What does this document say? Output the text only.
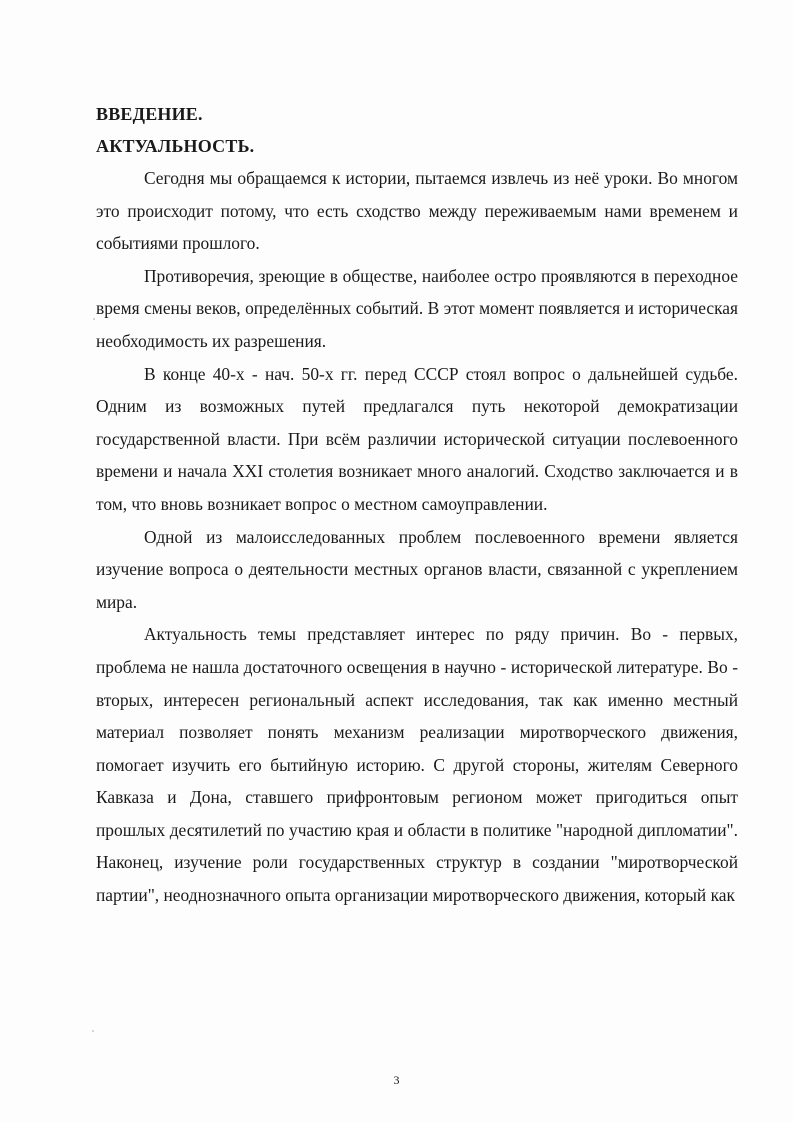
ВВЕДЕНИЕ.

АКТУАЛЬНОСТЬ.

Сегодня мы обращаемся к истории, пытаемся извлечь из неё уроки. Во многом это происходит потому, что есть сходство между переживаемым нами временем и событиями прошлого.

Противоречия, зреющие в обществе, наиболее остро проявляются в переходное время смены веков, определённых событий. В этот момент появляется и историческая необходимость их разрешения.

В конце 40-х - нач. 50-х гг. перед СССР стоял вопрос о дальнейшей судьбе. Одним из возможных путей предлагался путь некоторой демократизации государственной власти. При всём различии исторической ситуации послевоенного времени и начала XXI столетия возникает много аналогий. Сходство заключается и в том, что вновь возникает вопрос о местном самоуправлении.

Одной из малоисследованных проблем послевоенного времени является изучение вопроса о деятельности местных органов власти, связанной с укреплением мира.

Актуальность темы представляет интерес по ряду причин. Во - первых, проблема не нашла достаточного освещения в научно - исторической литературе. Во - вторых, интересен региональный аспект исследования, так как именно местный материал позволяет понять механизм реализации миротворческого движения, помогает изучить его бытийную историю. С другой стороны, жителям Северного Кавказа и Дона, ставшего прифронтовым регионом может пригодиться опыт прошлых десятилетий по участию края и области в политике "народной дипломатии". Наконец, изучение роли государственных структур в создании "миротворческой партии", неоднозначного опыта организации миротворческого движения, который как

3
